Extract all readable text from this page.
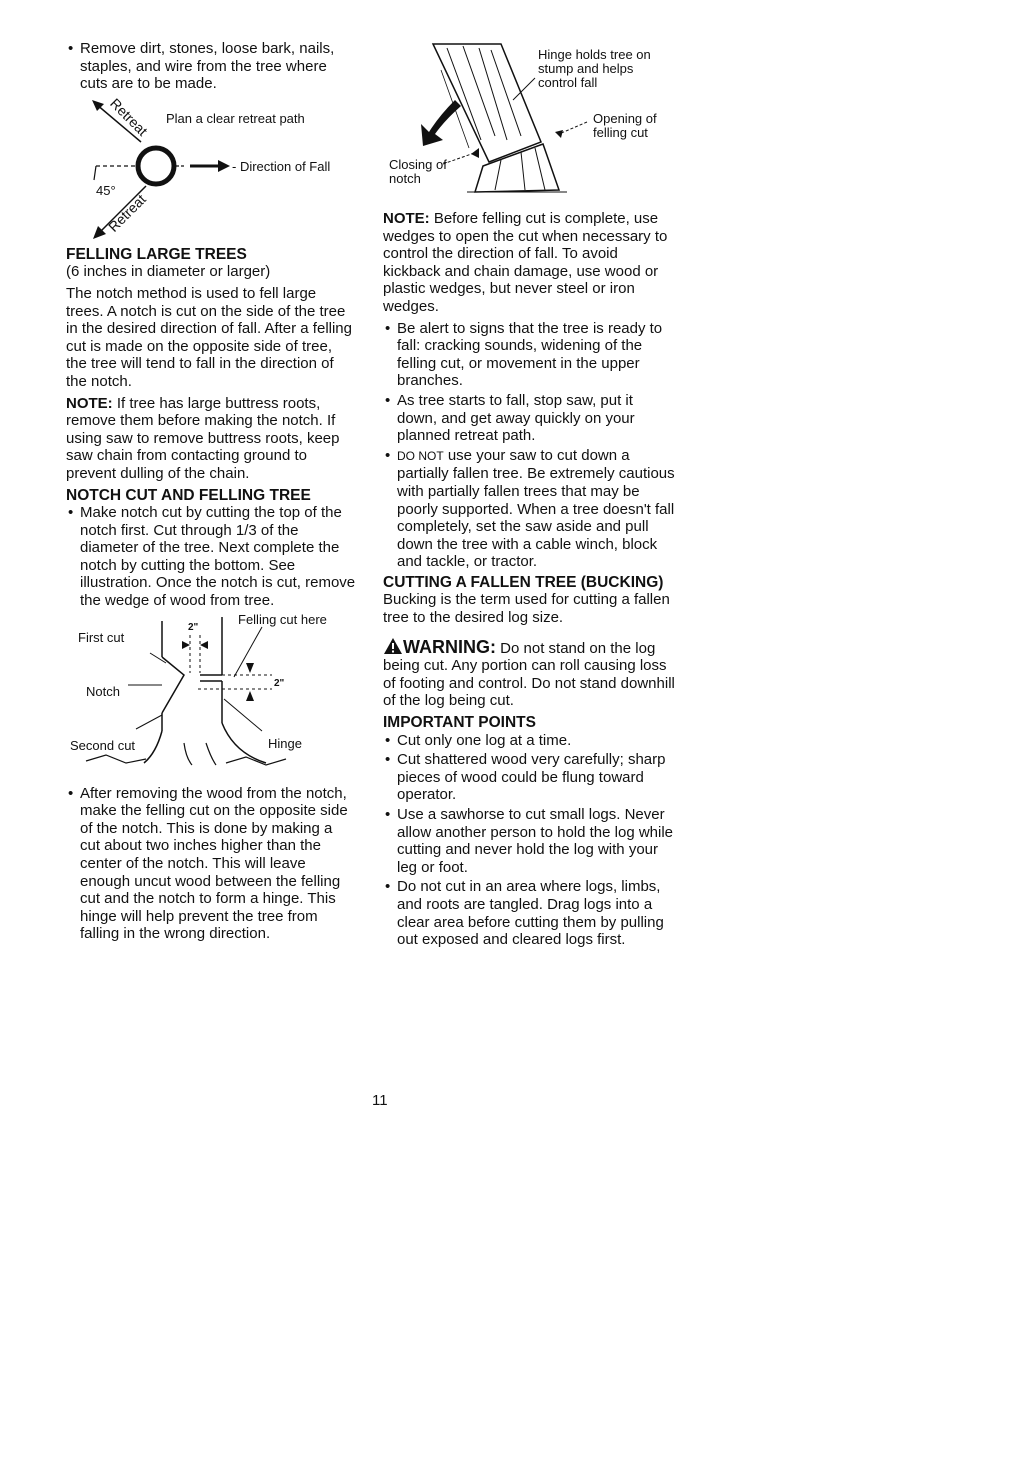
• Remove dirt, stones, loose bark, nails, staples, and wire from the tree where cuts are to be made.
Retreat Plan a clear retreat path
- Direction of Fall
45°
Retreat

FELLING LARGE TREES

(6 inches in diameter or larger)

The notch method is used to fell large trees. A notch is cut on the side of the tree in the desired direction of fall. After a felling cut is made on the opposite side of tree, the tree will tend to fall in the direction of the notch.

NOTE: If tree has large buttress roots, remove them before making the notch. If using saw to remove buttress roots, keep saw chain from contacting ground to prevent dulling of the chain.

NOTCH CUT AND FELLING TREE

• Make notch cut by cutting the top of the notch first. Cut through 1/3 of the diameter of the tree. Next complete the notch by cutting the bottom. See illustration. Once the notch is cut, remove the wedge of wood from tree.
Felling cut here
First cut
Notch
Second cut	Hinge
2"
2"
• After removing the wood from the notch, make the felling cut on the opposite side of the notch. This is done by making a cut about two inches higher than the center of the notch. This will leave enough uncut wood between the felling cut and the notch to form a hinge. This hinge will help prevent the tree from falling in the wrong direction.
Hinge holds tree on stump and helps control fall
Opening of felling cut
Closing of notch

NOTE: Before felling cut is complete, use wedges to open the cut when necessary to control the direction of fall. To avoid kickback and chain damage, use wood or plastic wedges, but never steel or iron wedges.

• Be alert to signs that the tree is ready to fall: cracking sounds, widening of the felling cut, or movement in the upper branches.
• As tree starts to fall, stop saw, put it down, and get away quickly on your planned retreat path.
• DO NOT use your saw to cut down a partially fallen tree. Be extremely cautious with partially fallen trees that may be poorly supported. When a tree doesn't fall completely, set the saw aside and pull down the tree with a cable winch, block and tackle, or tractor.

CUTTING A FALLEN TREE (BUCKING)

Bucking is the term used for cutting a fallen tree to the desired log size.

WARNING: Do not stand on the log being cut. Any portion can roll causing loss of footing and control. Do not stand downhill of the log being cut.

IMPORTANT POINTS

• Cut only one log at a time.
• Cut shattered wood very carefully; sharp pieces of wood could be flung toward operator.
• Use a sawhorse to cut small logs. Never allow another person to hold the log while cutting and never hold the log with your leg or foot.
• Do not cut in an area where logs, limbs, and roots are tangled. Drag logs into a clear area before cutting them by pulling out exposed and cleared logs first.
11
